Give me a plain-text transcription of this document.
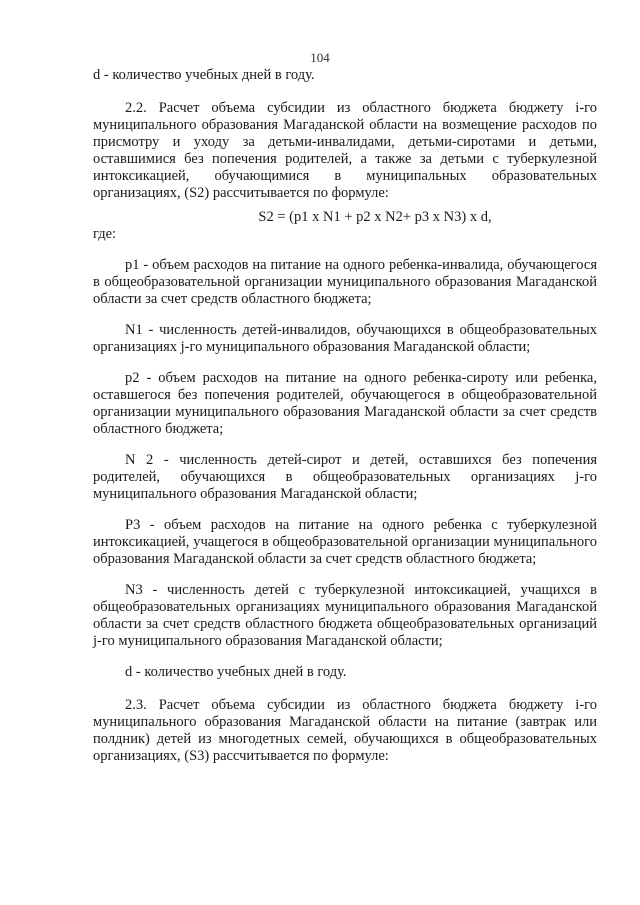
104

d - количество учебных дней в году.

2.2. Расчет объема субсидии из областного бюджета бюджету i-го муниципального образования Магаданской области на возмещение расходов по присмотру и уходу за детьми-инвалидами, детьми-сиротами и детьми, оставшимися без попечения родителей, а также за детьми с туберкулезной интоксикацией, обучающимися в муниципальных образовательных организациях, (S2) рассчитывается по формуле:

S2 = (p1 x N1 + p2 x N2+ p3 x N3) x d,

где:

p1 - объем расходов на питание на одного ребенка-инвалида, обучающегося в общеобразовательной организации муниципального образования Магаданской области за счет средств областного бюджета;

N1 - численность детей-инвалидов, обучающихся в общеобразовательных организациях j-го муниципального образования Магаданской области;

p2 - объем расходов на питание на одного ребенка-сироту или ребенка, оставшегося без попечения родителей, обучающегося в общеобразовательной организации муниципального образования Магаданской области за счет средств областного бюджета;

N 2 - численность детей-сирот и детей, оставшихся без попечения родителей, обучающихся в общеобразовательных организациях j-го муниципального образования Магаданской области;

P3 - объем расходов на питание на одного ребенка с туберкулезной интоксикацией, учащегося в общеобразовательной организации муниципального образования Магаданской области за счет средств областного бюджета;

N3 - численность детей с туберкулезной интоксикацией, учащихся в общеобразовательных организациях муниципального образования Магаданской области за счет средств областного бюджета общеобразовательных организаций j-го муниципального образования Магаданской области;

d - количество учебных дней в году.

2.3. Расчет объема субсидии из областного бюджета бюджету i-го муниципального образования Магаданской области на питание (завтрак или полдник) детей из многодетных семей, обучающихся в общеобразовательных организациях, (S3) рассчитывается по формуле:
